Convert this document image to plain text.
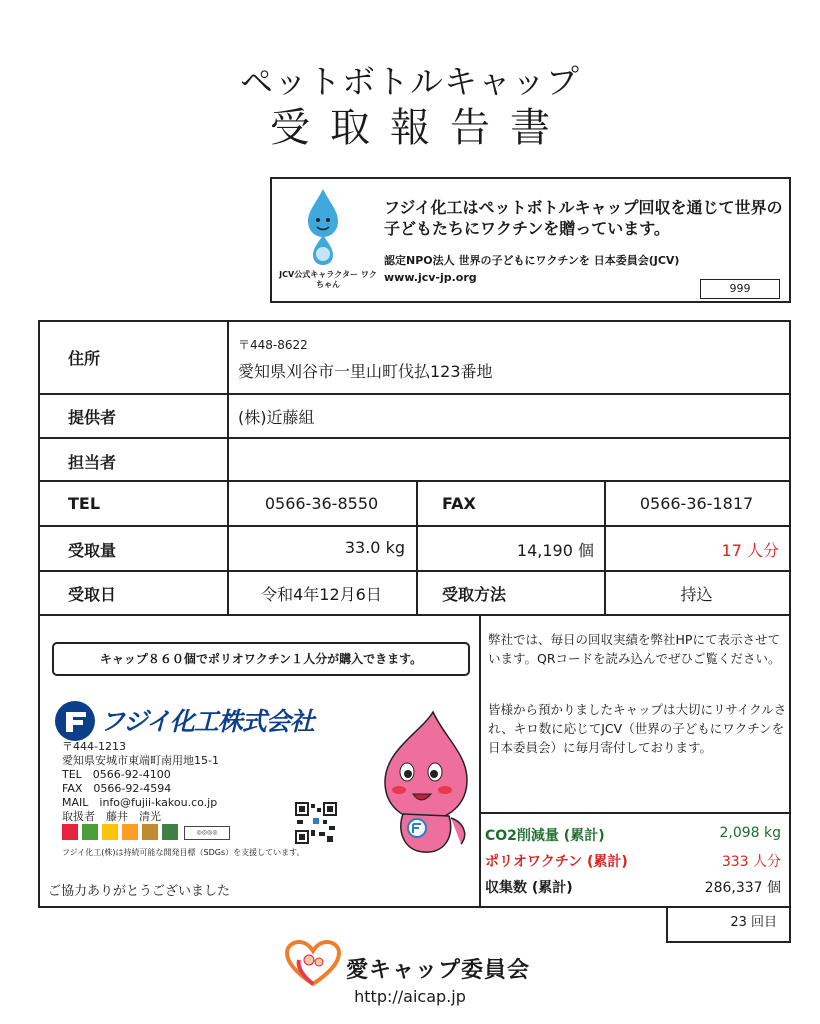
ペットボトルキャップ
受取報告書
JCV公式キャラクター ワクちゃん
フジイ化工はペットボトルキャップ回収を通じて世界の子どもたちにワクチンを贈っています。
認定NPO法人 世界の子どもにワクチンを 日本委員会(JCV)
www.jcv-jp.org
999
住所
〒448-8622
愛知県刈谷市一里山町伐払123番地
提供者	(株)近藤組
担当者
TEL	0566-36-8550	FAX	0566-36-1817
受取量	33.0 kg	14,190 個	17 人分
受取日	令和4年12月6日	受取方法	持込
キャップ８６０個でポリオワクチン１人分が購入できます。
フジイ化工株式会社
〒444-1213
愛知県安城市東端町南用地15-1
TEL　0566-92-4100
FAX　0566-92-4594
MAIL　info@fujii-kakou.co.jp
取扱者　藤井　清光
◎◎◎◎
フジイ化工(株)は持続可能な開発目標（SDGs）を支援しています。
ご協力ありがとうございました
弊社では、毎日の回収実績を弊社HPにて表示させています。QRコードを読み込んでぜひご覧ください。
皆様から預かりましたキャップは大切にリサイクルされ、キロ数に応じてJCV（世界の子どもにワクチンを 日本委員会）に毎月寄付しております。
CO2削減量 (累計)	2,098 kg
ポリオワクチン (累計)	333 人分
収集数 (累計)	286,337 個
23 回目
愛キャップ委員会
http://aicap.jp
